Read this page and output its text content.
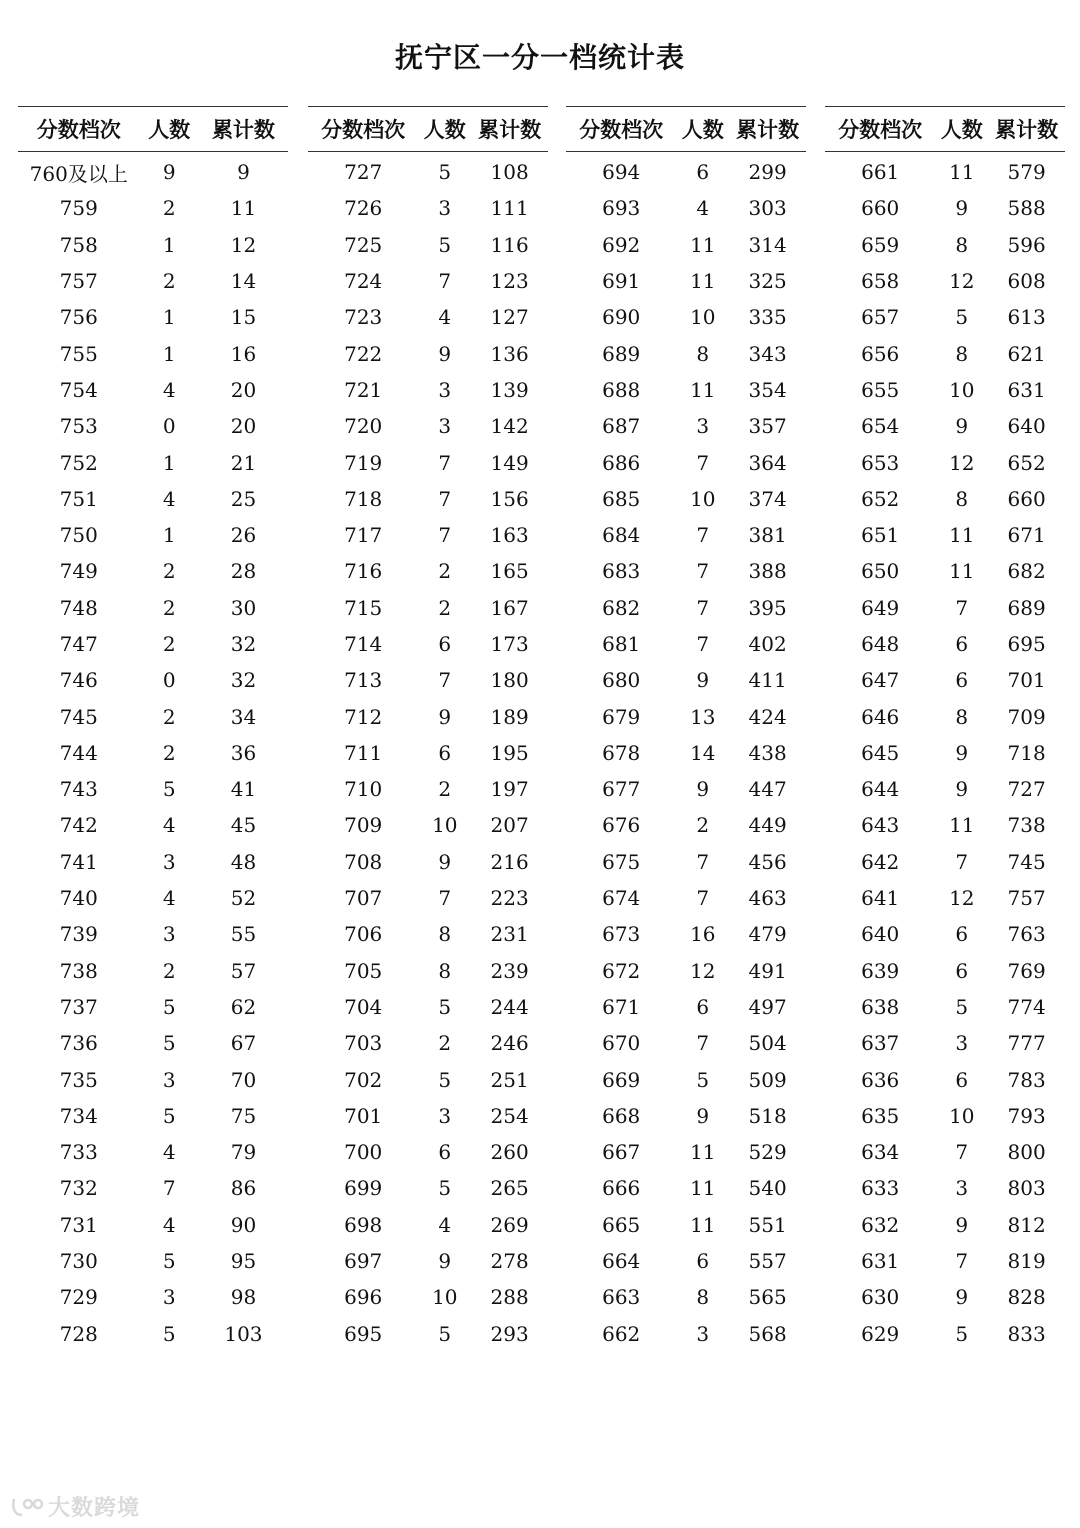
抚宁区一分一档统计表
分数档次	人数	累计数
760及以上	9	9
759	2	11
758	1	12
757	2	14
756	1	15
755	1	16
754	4	20
753	0	20
752	1	21
751	4	25
750	1	26
749	2	28
748	2	30
747	2	32
746	0	32
745	2	34
744	2	36
743	5	41
742	4	45
741	3	48
740	4	52
739	3	55
738	2	57
737	5	62
736	5	67
735	3	70
734	5	75
733	4	79
732	7	86
731	4	90
730	5	95
729	3	98
728	5	103
分数档次	人数	累计数
727	5	108
726	3	111
725	5	116
724	7	123
723	4	127
722	9	136
721	3	139
720	3	142
719	7	149
718	7	156
717	7	163
716	2	165
715	2	167
714	6	173
713	7	180
712	9	189
711	6	195
710	2	197
709	10	207
708	9	216
707	7	223
706	8	231
705	8	239
704	5	244
703	2	246
702	5	251
701	3	254
700	6	260
699	5	265
698	4	269
697	9	278
696	10	288
695	5	293
分数档次	人数	累计数
694	6	299
693	4	303
692	11	314
691	11	325
690	10	335
689	8	343
688	11	354
687	3	357
686	7	364
685	10	374
684	7	381
683	7	388
682	7	395
681	7	402
680	9	411
679	13	424
678	14	438
677	9	447
676	2	449
675	7	456
674	7	463
673	16	479
672	12	491
671	6	497
670	7	504
669	5	509
668	9	518
667	11	529
666	11	540
665	11	551
664	6	557
663	8	565
662	3	568
分数档次	人数	累计数
661	11	579
660	9	588
659	8	596
658	12	608
657	5	613
656	8	621
655	10	631
654	9	640
653	12	652
652	8	660
651	11	671
650	11	682
649	7	689
648	6	695
647	6	701
646	8	709
645	9	718
644	9	727
643	11	738
642	7	745
641	12	757
640	6	763
639	6	769
638	5	774
637	3	777
636	6	783
635	10	793
634	7	800
633	3	803
632	9	812
631	7	819
630	9	828
629	5	833
大数跨境
